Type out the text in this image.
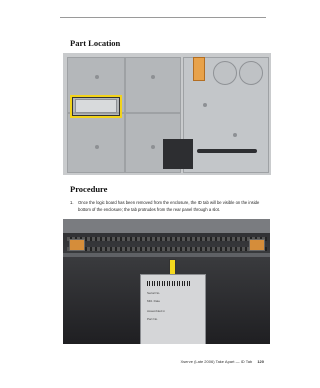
Part Location
Procedure
1. Once the logic board has been removed from the enclosure, the ID tab will be visible on the inside bottom of the enclosure; the tab protrudes from the rear panel through a slot.
Serial No.
Mfd. Date
Assembled in
Part No.
Xserve (Late 2006) Take Apart — ID Tab 120
